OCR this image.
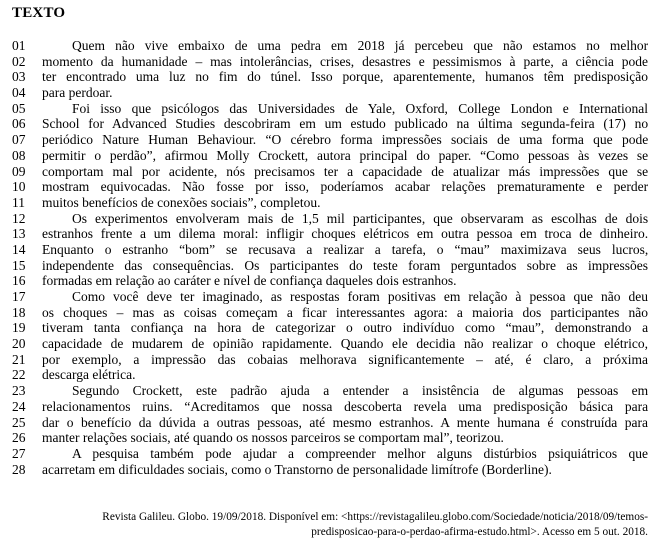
TEXTO
01	Quem não vive embaixo de uma pedra em 2018 já percebeu que não estamos no melhor
02	momento da humanidade – mas intolerâncias, crises, desastres e pessimismos à parte, a ciência pode
03	ter encontrado uma luz no fim do túnel. Isso porque, aparentemente, humanos têm predisposição
04	para perdoar.
05	Foi isso que psicólogos das Universidades de Yale, Oxford, College London e International
06	School for Advanced Studies descobriram em um estudo publicado na última segunda-feira (17) no
07	periódico Nature Human Behaviour. “O cérebro forma impressões sociais de uma forma que pode
08	permitir o perdão”, afirmou Molly Crockett, autora principal do paper. “Como pessoas às vezes se
09	comportam mal por acidente, nós precisamos ter a capacidade de atualizar más impressões que se
10	mostram equivocadas. Não fosse por isso, poderíamos acabar relações prematuramente e perder
11	muitos benefícios de conexões sociais”, completou.
12	Os experimentos envolveram mais de 1,5 mil participantes, que observaram as escolhas de dois
13	estranhos frente a um dilema moral: infligir choques elétricos em outra pessoa em troca de dinheiro.
14	Enquanto o estranho “bom” se recusava a realizar a tarefa, o “mau” maximizava seus lucros,
15	independente das consequências. Os participantes do teste foram perguntados sobre as impressões
16	formadas em relação ao caráter e nível de confiança daqueles dois estranhos.
17	Como você deve ter imaginado, as respostas foram positivas em relação à pessoa que não deu
18	os choques – mas as coisas começam a ficar interessantes agora: a maioria dos participantes não
19	tiveram tanta confiança na hora de categorizar o outro indivíduo como “mau”, demonstrando a
20	capacidade de mudarem de opinião rapidamente. Quando ele decidia não realizar o choque elétrico,
21	por exemplo, a impressão das cobaias melhorava significantemente – até, é claro, a próxima
22	descarga elétrica.
23	Segundo Crockett, este padrão ajuda a entender a insistência de algumas pessoas em
24	relacionamentos ruins. “Acreditamos que nossa descoberta revela uma predisposição básica para
25	dar o benefício da dúvida a outras pessoas, até mesmo estranhos. A mente humana é construída para
26	manter relações sociais, até quando os nossos parceiros se comportam mal”, teorizou.
27	A pesquisa também pode ajudar a compreender melhor alguns distúrbios psiquiátricos que
28	acarretam em dificuldades sociais, como o Transtorno de personalidade limítrofe (Borderline).
Revista Galileu. Globo. 19/09/2018. Disponível em: <https://revistagalileu.globo.com/Sociedade/noticia/2018/09/temos-predisposicao-para-o-perdao-afirma-estudo.html>. Acesso em 5 out. 2018.
